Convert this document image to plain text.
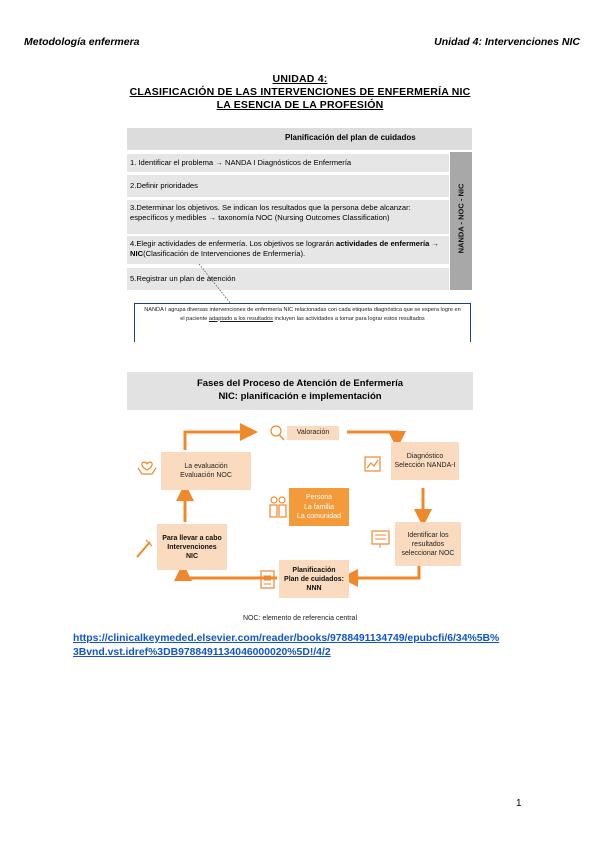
Metodología enfermera	Unidad 4: Intervenciones NIC
UNIDAD 4:
CLASIFICACIÓN DE LAS INTERVENCIONES DE ENFERMERÍA NIC
LA ESENCIA DE LA PROFESIÓN
Planificación del plan de cuidados
1. Identificar el problema → NANDA I Diagnósticos de Enfermería
2.Definir prioridades
3.Determinar los objetivos. Se indican los resultados que la persona debe alcanzar: específicos y medibles → taxonomía NOC (Nursing Outcomes Classification)
4.Elegir actividades de enfermería. Los objetivos se lograrán actividades de enfermería → NIC(Clasificación de Intervenciones de Enfermería).
5.Registrar un plan de atención
NANDA - NOC - NIC
NANDA I agrupa diversas intervenciones de enfermería NIC relacionadas con cada etiqueta diagnóstica que se espera logre en el paciente adaptado a los resultados incluyen las actividades a tomar para lograr estos resultados
Fases del Proceso de Atención de Enfermería
NIC: planificación e implementación
Valoración
Diagnóstico
Selección NANDA-I
Identificar los
resultados
seleccionar NOC
Planificación
Plan de cuidados:
NNN
Para llevar a cabo
Intervenciones
NIC
La evaluación
Evaluación NOC
Persona
La familia
La comunidad
NOC: elemento de referencia central
https://clinicalkeymeded.elsevier.com/reader/books/9788491134749/epubcfi/6/34%5B%
3Bvnd.vst.idref%3DB9788491134046000020%5D!/4/2
1
